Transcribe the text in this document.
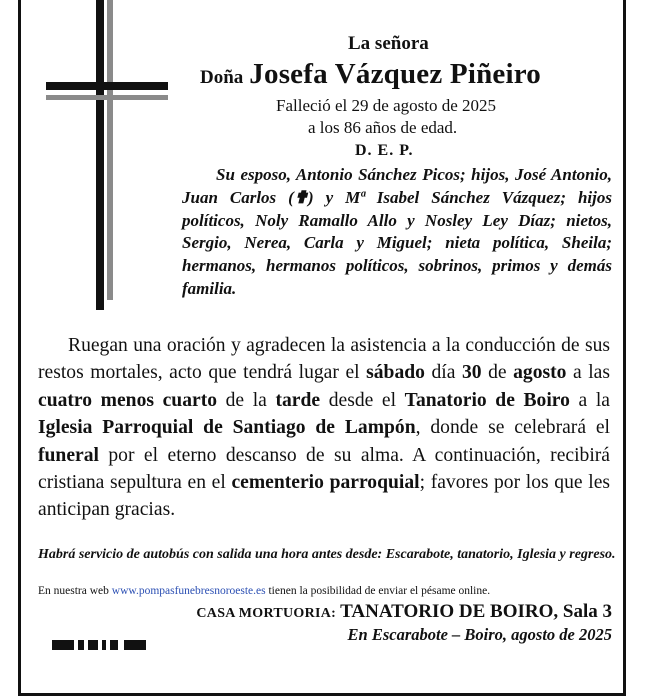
La señora
Doña Josefa Vázquez Piñeiro
Falleció el 29 de agosto de 2025
a los 86 años de edad.
D. E. P.

Su esposo, Antonio Sánchez Picos; hijos, José Antonio, Juan Carlos (✟) y Mª Isabel Sánchez Vázquez; hijos políticos, Noly Ramallo Allo y Nosley Ley Díaz; nietos, Sergio, Nerea, Carla y Miguel; nieta política, Sheila; hermanos, hermanos políticos, sobrinos, primos y demás familia.

Ruegan una oración y agradecen la asistencia a la conducción de sus restos mortales, acto que tendrá lugar el sábado día 30 de agosto a las cuatro menos cuarto de la tarde desde el Tanatorio de Boiro a la Iglesia Parroquial de Santiago de Lampón, donde se celebrará el funeral por el eterno descanso de su alma. A continuación, recibirá cristiana sepultura en el cementerio parroquial; favores por los que les anticipan gracias.

Habrá servicio de autobús con salida una hora antes desde: Escarabote, tanatorio, Iglesia y regreso.

En nuestra web www.pompasfunebresnoroeste.es tienen la posibilidad de enviar el pésame online.
CASA MORTUORIA: TANATORIO DE BOIRO, Sala 3
En Escarabote – Boiro, agosto de 2025
